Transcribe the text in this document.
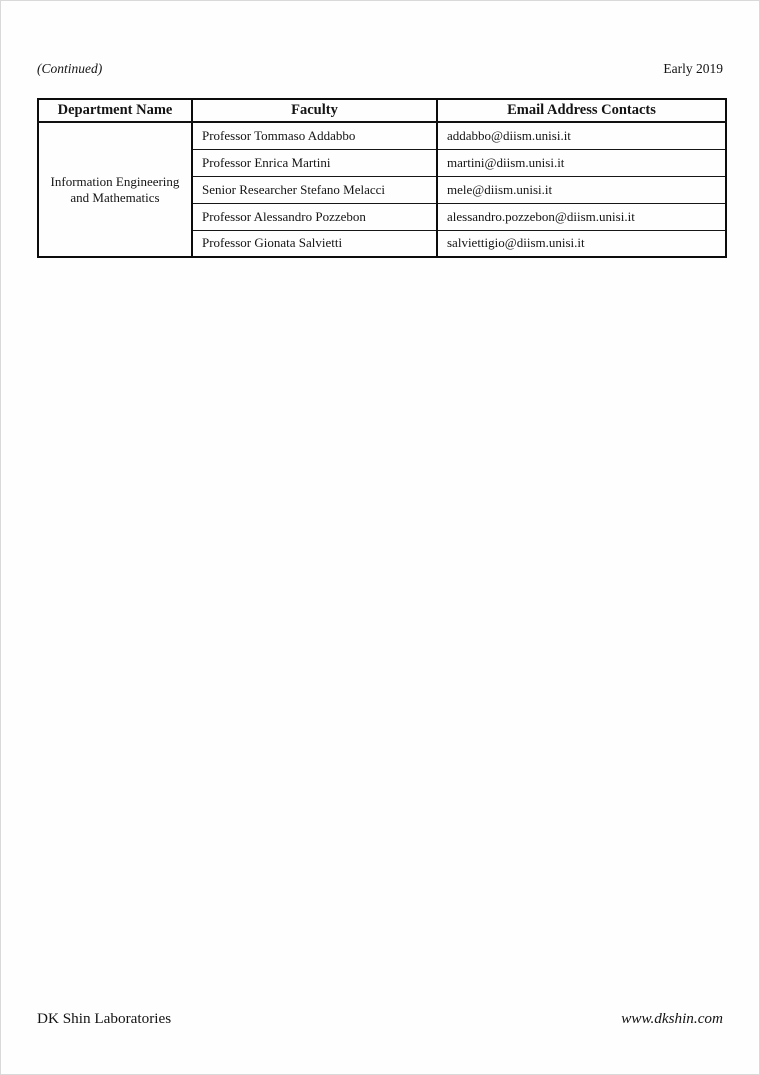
(Continued)	Early 2019
Department Name	Faculty	Email Address Contacts
Information Engineering and Mathematics	Professor Tommaso Addabbo	addabbo@diism.unisi.it
	Professor Enrica Martini	martini@diism.unisi.it
	Senior Researcher Stefano Melacci	mele@diism.unisi.it
	Professor Alessandro Pozzebon	alessandro.pozzebon@diism.unisi.it
	Professor Gionata Salvietti	salviettigio@diism.unisi.it
DK Shin Laboratories	www.dkshin.com
